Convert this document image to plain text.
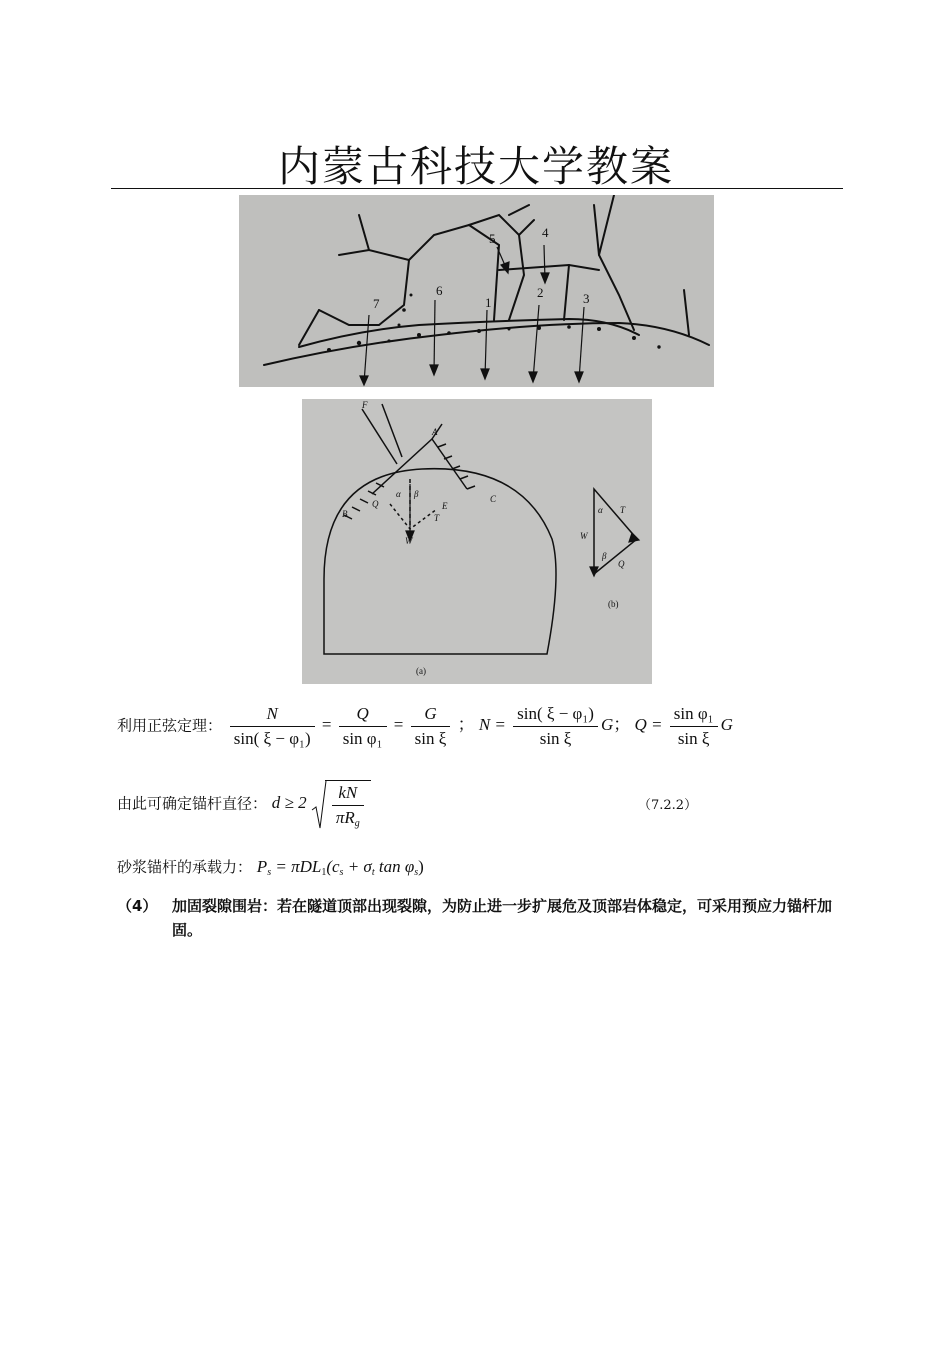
内蒙古科技大学教案
7
6
5	4
1
2	3
F
A
B
C
Q
α β
E
T
W
α T
W
β
Q
(a)
(b)
利用正弦定理： $\frac{N}{\text{sin( ξ − φ₁)}} = \frac{Q}{\text{sin φ₁}} = \frac{G}{\text{sin ξ}}$ ； $N = \frac{\text{sin( ξ − φ₁)}}{\text{sin ξ}}$ G； $Q = \frac{\text{sin φ₁}}{\text{sin ξ}}$ G
由此可确定锚杆直径： $d \ge 2 \frac{kN}{\pi R_g}$	（7.2.2）
砂浆锚杆的承载力： $P_s = \pi DL_1(c_s + \sigma_t$ $\tan \varphi_s$)
（4） 加固裂隙围岩：若在隧道顶部出现裂隙，为防止进一步扩展危及顶部岩体稳定，可采用预应力锚杆加固。
